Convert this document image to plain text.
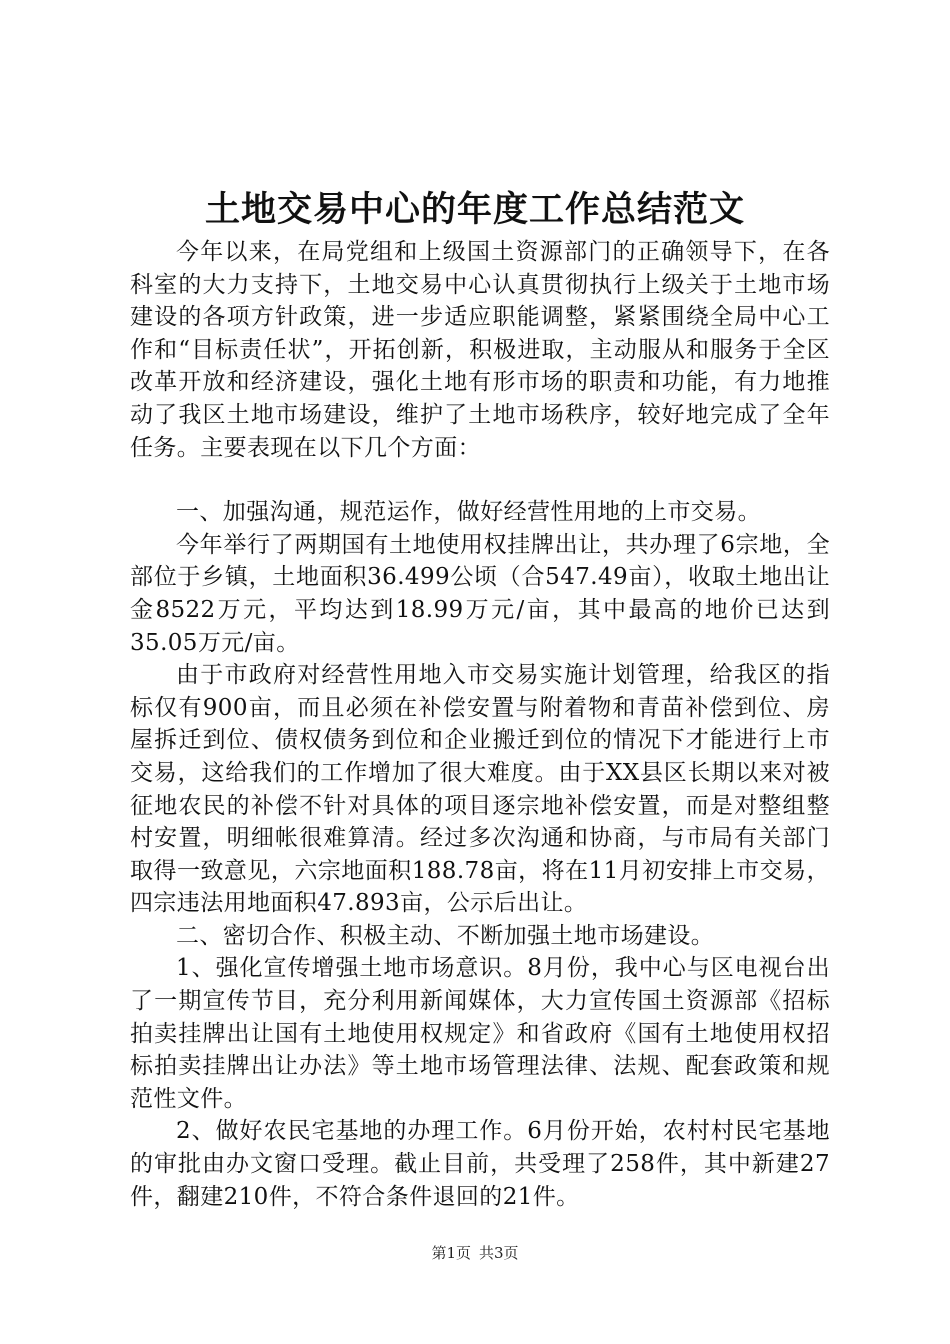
土地交易中心的年度工作总结范文

今年以来，在局党组和上级国土资源部门的正确领导下，在各科室的大力支持下，土地交易中心认真贯彻执行上级关于土地市场建设的各项方针政策，进一步适应职能调整，紧紧围绕全局中心工作和“目标责任状”，开拓创新，积极进取，主动服从和服务于全区改革开放和经济建设，强化土地有形市场的职责和功能，有力地推动了我区土地市场建设，维护了土地市场秩序，较好地完成了全年任务。主要表现在以下几个方面：

一、加强沟通，规范运作，做好经营性用地的上市交易。

今年举行了两期国有土地使用权挂牌出让，共办理了6宗地，全部位于乡镇，土地面积36.499公顷（合547.49亩），收取土地出让金8522万元，平均达到18.99万元/亩，其中最高的地价已达到35.05万元/亩。

由于市政府对经营性用地入市交易实施计划管理，给我区的指标仅有900亩，而且必须在补偿安置与附着物和青苗补偿到位、房屋拆迁到位、债权债务到位和企业搬迁到位的情况下才能进行上市交易，这给我们的工作增加了很大难度。由于XX县区长期以来对被征地农民的补偿不针对具体的项目逐宗地补偿安置，而是对整组整村安置，明细帐很难算清。经过多次沟通和协商，与市局有关部门取得一致意见，六宗地面积188.78亩，将在11月初安排上市交易，四宗违法用地面积47.893亩，公示后出让。

二、密切合作、积极主动、不断加强土地市场建设。

1、强化宣传增强土地市场意识。8月份，我中心与区电视台出了一期宣传节目，充分利用新闻媒体，大力宣传国土资源部《招标拍卖挂牌出让国有土地使用权规定》和省政府《国有土地使用权招标拍卖挂牌出让办法》等土地市场管理法律、法规、配套政策和规范性文件。

2、做好农民宅基地的办理工作。6月份开始，农村村民宅基地的审批由办文窗口受理。截止目前，共受理了258件，其中新建27件，翻建210件，不符合条件退回的21件。

第1页 共3页
